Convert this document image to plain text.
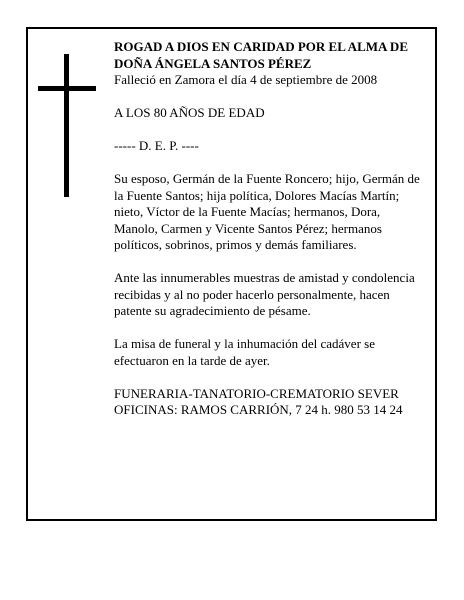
ROGAD A DIOS EN CARIDAD POR EL ALMA DE

DOÑA ÁNGELA SANTOS PÉREZ

Falleció en Zamora el día 4 de septiembre de 2008

A LOS 80 AÑOS DE EDAD

----- D. E. P. ----

Su esposo, Germán de la Fuente Roncero; hijo, Germán de la Fuente Santos; hija política, Dolores Macías Martín; nieto, Víctor de la Fuente Macías; hermanos, Dora, Manolo, Carmen y Vicente Santos Pérez; hermanos políticos, sobrinos, primos y demás familiares.

Ante las innumerables muestras de amistad y condolencia recibidas y al no poder hacerlo personalmente, hacen patente su agradecimiento de pésame.

La misa de funeral y la inhumación del cadáver se efectuaron en la tarde de ayer.

FUNERARIA-TANATORIO-CREMATORIO SEVER

OFICINAS: RAMOS CARRIÓN, 7 24 h. 980 53 14 24
